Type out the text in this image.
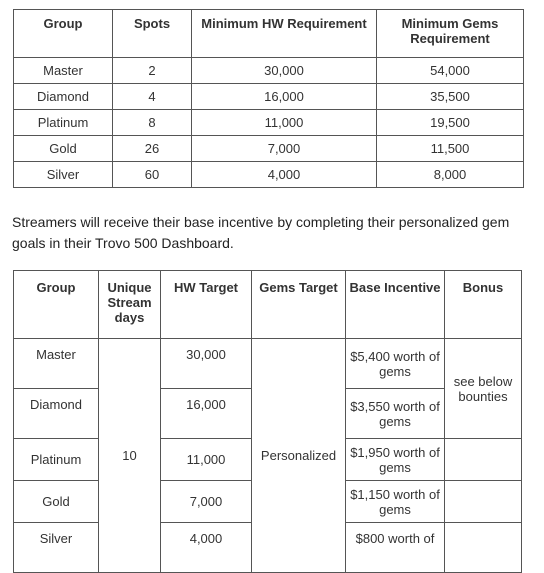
Group	Spots	Minimum HW Requirement	Minimum Gems Requirement
Master	2	30,000	54,000
Diamond	4	16,000	35,500
Platinum	8	11,000	19,500
Gold	26	7,000	11,500
Silver	60	4,000	8,000

Streamers will receive their base incentive by completing their personalized gem goals in their Trovo 500 Dashboard.

Group	Unique Stream days	HW Target	Gems Target	Base Incentive	Bonus
Master	10	30,000	Personalized	$5,400 worth of gems	see below bounties
Diamond		16,000		$3,550 worth of gems	
Platinum		11,000		$1,950 worth of gems	
Gold		7,000		$1,150 worth of gems	
Silver		4,000		$800 worth of	
